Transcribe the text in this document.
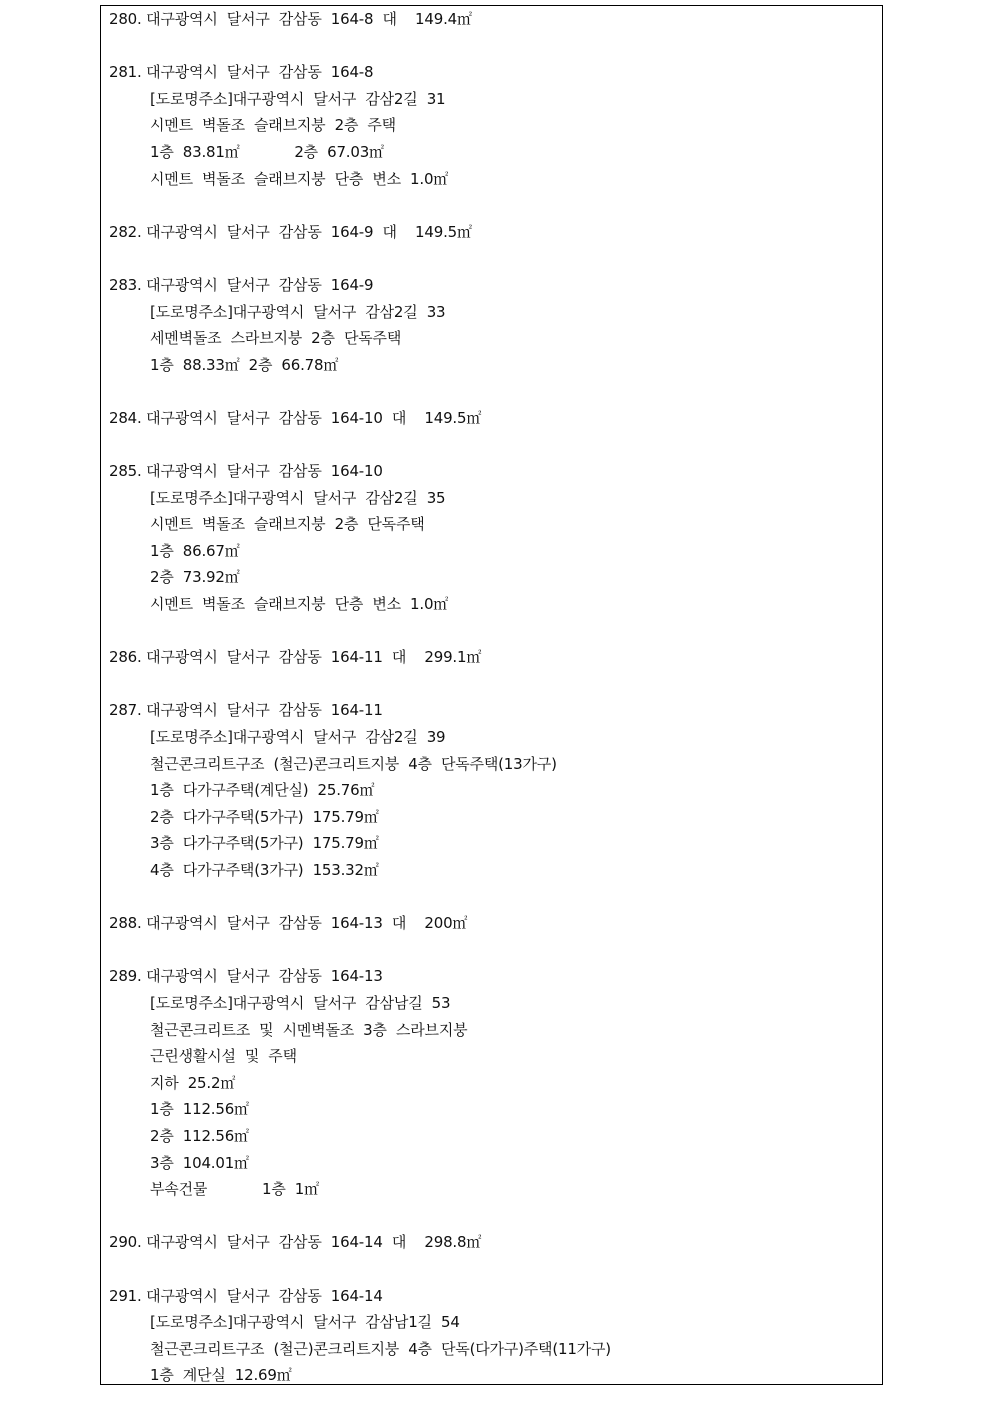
280. 대구광역시  달서구  감삼동  164-8  대    149.4㎡
281. 대구광역시  달서구  감삼동  164-8
[도로명주소]대구광역시  달서구  감삼2길  31
시멘트  벽돌조  슬래브지붕  2층  주택
1층  83.81㎡            2층  67.03㎡
시멘트  벽돌조  슬래브지붕  단층  변소  1.0㎡
282. 대구광역시  달서구  감삼동  164-9  대    149.5㎡
283. 대구광역시  달서구  감삼동  164-9
[도로명주소]대구광역시  달서구  감삼2길  33
세멘벽돌조  스라브지붕  2층  단독주택
1층  88.33㎡  2층  66.78㎡
284. 대구광역시  달서구  감삼동  164-10  대    149.5㎡
285. 대구광역시  달서구  감삼동  164-10
[도로명주소]대구광역시  달서구  감삼2길  35
시멘트  벽돌조  슬래브지붕  2층  단독주택
1층  86.67㎡
2층  73.92㎡
시멘트  벽돌조  슬래브지붕  단층  변소  1.0㎡
286. 대구광역시  달서구  감삼동  164-11  대    299.1㎡
287. 대구광역시  달서구  감삼동  164-11
[도로명주소]대구광역시  달서구  감삼2길  39
철근콘크리트구조  (철근)콘크리트지붕  4층  단독주택(13가구)
1층  다가구주택(계단실)  25.76㎡
2층  다가구주택(5가구)  175.79㎡
3층  다가구주택(5가구)  175.79㎡
4층  다가구주택(3가구)  153.32㎡
288. 대구광역시  달서구  감삼동  164-13  대    200㎡
289. 대구광역시  달서구  감삼동  164-13
[도로명주소]대구광역시  달서구  감삼남길  53
철근콘크리트조  및  시멘벽돌조  3층  스라브지붕
근린생활시설  및  주택
지하  25.2㎡
1층  112.56㎡
2층  112.56㎡
3층  104.01㎡
부속건물            1층  1㎡
290. 대구광역시  달서구  감삼동  164-14  대    298.8㎡
291. 대구광역시  달서구  감삼동  164-14
[도로명주소]대구광역시  달서구  감삼남1길  54
철근콘크리트구조  (철근)콘크리트지붕  4층  단독(다가구)주택(11가구)
1층  계단실  12.69㎡
